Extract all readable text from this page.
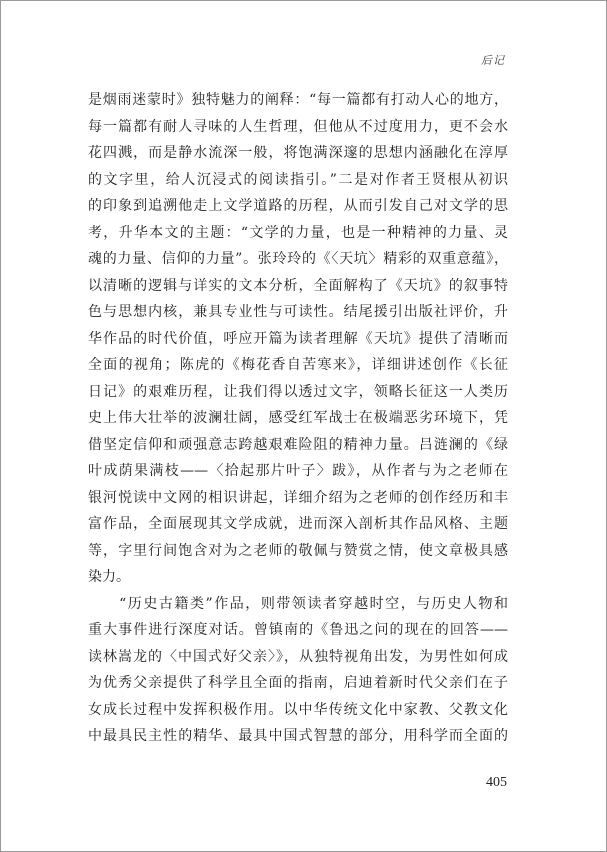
后记
是烟雨迷蒙时》独特魅力的阐释：“每一篇都有打动人心的地方，
每一篇都有耐人寻味的人生哲理，但他从不过度用力，更不会水
花四溅，而是静水流深一般，将饱满深邃的思想内涵融化在淳厚
的文字里，给人沉浸式的阅读指引。”二是对作者王贤根从初识
的印象到追溯他走上文学道路的历程，从而引发自己对文学的思
考，升华本文的主题：“文学的力量，也是一种精神的力量、灵
魂的力量、信仰的力量”。张玲玲的《〈天坑〉精彩的双重意蕴》，
以清晰的逻辑与详实的文本分析，全面解构了《天坑》的叙事特
色与思想内核，兼具专业性与可读性。结尾援引出版社评价，升
华作品的时代价值，呼应开篇为读者理解《天坑》提供了清晰而
全面的视角；陈虎的《梅花香自苦寒来》，详细讲述创作《长征
日记》的艰难历程，让我们得以透过文字，领略长征这一人类历
史上伟大壮举的波澜壮阔，感受红军战士在极端恶劣环境下，凭
借坚定信仰和顽强意志跨越艰难险阻的精神力量。吕涟澜的《绿
叶成荫果满枝——〈拾起那片叶子〉跋》，从作者与为之老师在
银河悦读中文网的相识讲起，详细介绍为之老师的创作经历和丰
富作品，全面展现其文学成就，进而深入剖析其作品风格、主题
等，字里行间饱含对为之老师的敬佩与赞赏之情，使文章极具感
染力。
　　“历史古籍类”作品，则带领读者穿越时空，与历史人物和
重大事件进行深度对话。曾镇南的《鲁迅之问的现在的回答——
读林嵩龙的〈中国式好父亲〉》，从独特视角出发，为男性如何成
为优秀父亲提供了科学且全面的指南，启迪着新时代父亲们在子
女成长过程中发挥积极作用。以中华传统文化中家教、父教文化
中最具民主性的精华、最具中国式智慧的部分，用科学而全面的
405
